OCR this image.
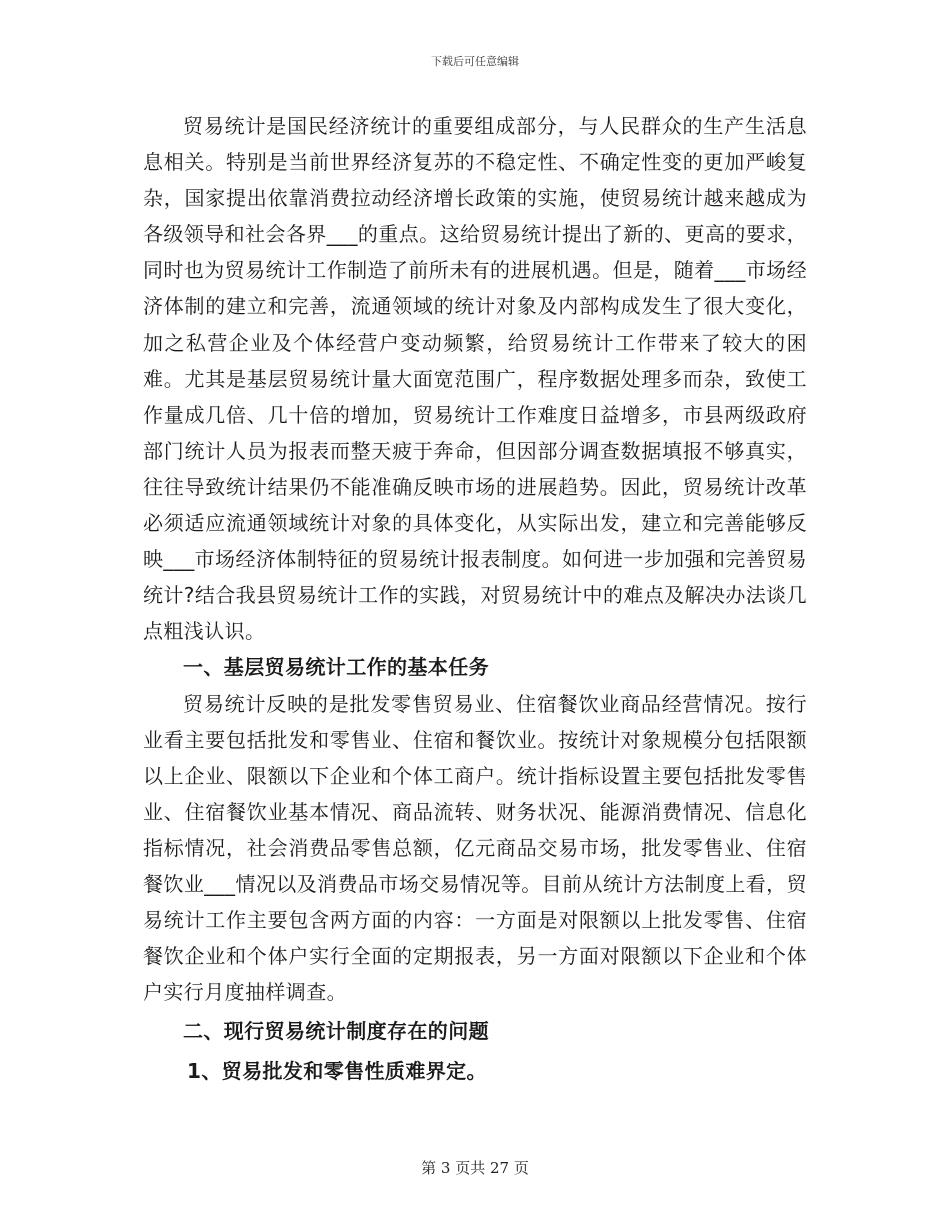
下载后可任意编辑

贸易统计是国民经济统计的重要组成部分，与人民群众的生产生活息息相关。特别是当前世界经济复苏的不稳定性、不确定性变的更加严峻复杂，国家提出依靠消费拉动经济增长政策的实施，使贸易统计越来越成为各级领导和社会各界___的重点。这给贸易统计提出了新的、更高的要求，同时也为贸易统计工作制造了前所未有的进展机遇。但是，随着___市场经济体制的建立和完善，流通领域的统计对象及内部构成发生了很大变化，加之私营企业及个体经营户变动频繁，给贸易统计工作带来了较大的困难。尤其是基层贸易统计量大面宽范围广，程序数据处理多而杂，致使工作量成几倍、几十倍的增加，贸易统计工作难度日益增多，市县两级政府部门统计人员为报表而整天疲于奔命，但因部分调查数据填报不够真实，往往导致统计结果仍不能准确反映市场的进展趋势。因此，贸易统计改革必须适应流通领域统计对象的具体变化，从实际出发，建立和完善能够反映___市场经济体制特征的贸易统计报表制度。如何进一步加强和完善贸易统计?结合我县贸易统计工作的实践，对贸易统计中的难点及解决办法谈几点粗浅认识。

一、基层贸易统计工作的基本任务

贸易统计反映的是批发零售贸易业、住宿餐饮业商品经营情况。按行业看主要包括批发和零售业、住宿和餐饮业。按统计对象规模分包括限额以上企业、限额以下企业和个体工商户。统计指标设置主要包括批发零售业、住宿餐饮业基本情况、商品流转、财务状况、能源消费情况、信息化指标情况，社会消费品零售总额，亿元商品交易市场，批发零售业、住宿餐饮业___情况以及消费品市场交易情况等。目前从统计方法制度上看，贸易统计工作主要包含两方面的内容：一方面是对限额以上批发零售、住宿餐饮企业和个体户实行全面的定期报表，另一方面对限额以下企业和个体户实行月度抽样调查。

二、现行贸易统计制度存在的问题

1、贸易批发和零售性质难界定。

第 3 页共 27 页
